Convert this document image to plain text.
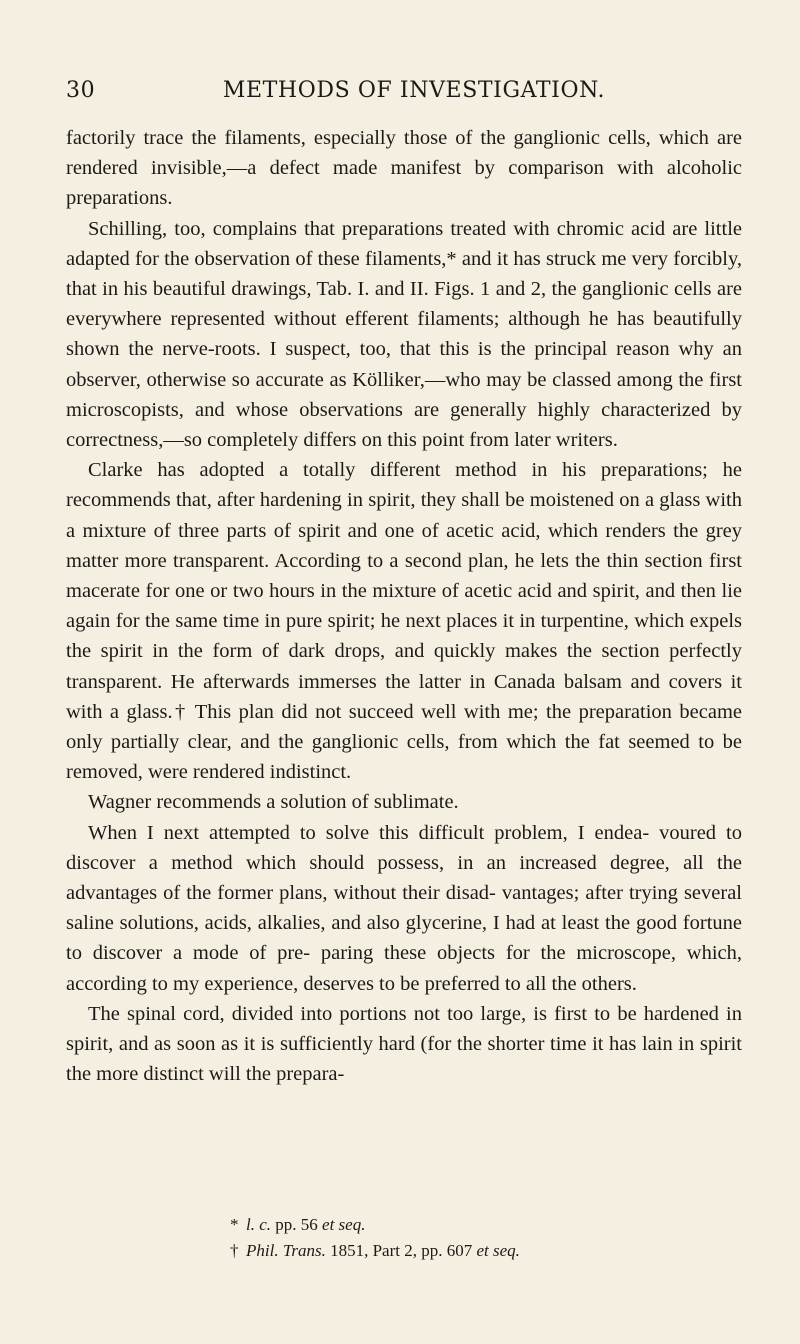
30	METHODS OF INVESTIGATION.

factorily trace the filaments, especially those of the ganglionic cells, which are rendered invisible,—a defect made manifest by comparison with alcoholic preparations.

Schilling, too, complains that preparations treated with chromic acid are little adapted for the observation of these filaments,* and it has struck me very forcibly, that in his beautiful drawings, Tab. I. and II. Figs. 1 and 2, the ganglionic cells are everywhere represented without efferent filaments; although he has beautifully shown the nerve-roots. I suspect, too, that this is the principal reason why an observer, otherwise so accurate as Kölliker,—who may be classed among the first microscopists, and whose observations are generally highly characterized by correctness,—so completely differs on this point from later writers.

Clarke has adopted a totally different method in his preparations; he recommends that, after hardening in spirit, they shall be moistened on a glass with a mixture of three parts of spirit and one of acetic acid, which renders the grey matter more transparent. According to a second plan, he lets the thin section first macerate for one or two hours in the mixture of acetic acid and spirit, and then lie again for the same time in pure spirit; he next places it in turpentine, which expels the spirit in the form of dark drops, and quickly makes the section perfectly transparent. He afterwards immerses the latter in Canada balsam and covers it with a glass.† This plan did not succeed well with me; the preparation became only partially clear, and the ganglionic cells, from which the fat seemed to be removed, were rendered indistinct.

Wagner recommends a solution of sublimate.

When I next attempted to solve this difficult problem, I endea- voured to discover a method which should possess, in an increased degree, all the advantages of the former plans, without their disad- vantages; after trying several saline solutions, acids, alkalies, and also glycerine, I had at least the good fortune to discover a mode of pre- paring these objects for the microscope, which, according to my experience, deserves to be preferred to all the others.

The spinal cord, divided into portions not too large, is first to be hardened in spirit, and as soon as it is sufficiently hard (for the shorter time it has lain in spirit the more distinct will the prepara-

* l. c. pp. 56 et seq.
† Phil. Trans. 1851, Part 2, pp. 607 et seq.
